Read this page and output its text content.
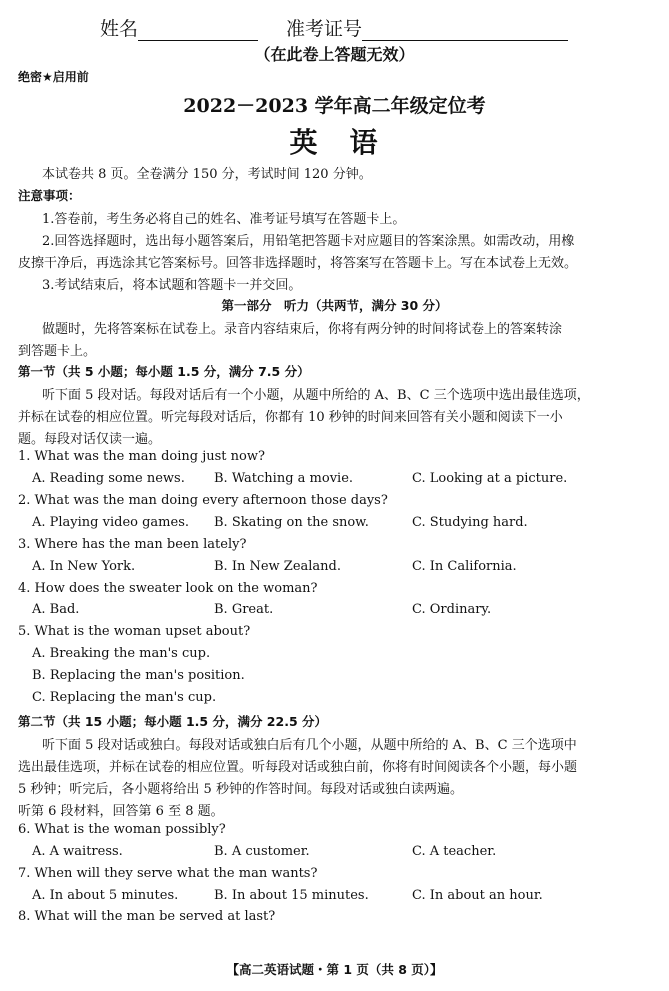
姓名	准考证号
（在此卷上答题无效）
绝密★启用前
2022－2023 学年高二年级定位考
英　语
本试卷共 8 页。全卷满分 150 分，考试时间 120 分钟。
注意事项：
1.答卷前，考生务必将自己的姓名、准考证号填写在答题卡上。
2.回答选择题时，选出每小题答案后，用铅笔把答题卡对应题目的答案涂黑。如需改动，用橡
皮擦干净后，再选涂其它答案标号。回答非选择题时，将答案写在答题卡上。写在本试卷上无效。
3.考试结束后，将本试题和答题卡一并交回。
第一部分　听力（共两节，满分 30 分）
做题时，先将答案标在试卷上。录音内容结束后，你将有两分钟的时间将试卷上的答案转涂
到答题卡上。
第一节（共 5 小题；每小题 1.5 分，满分 7.5 分）
听下面 5 段对话。每段对话后有一个小题，从题中所给的 A、B、C 三个选项中选出最佳选项，
并标在试卷的相应位置。听完每段对话后，你都有 10 秒钟的时间来回答有关小题和阅读下一小
题。每段对话仅读一遍。
1. What was the man doing just now?
A. Reading some news. B. Watching a movie.	C. Looking at a picture.
2. What was the man doing every afternoon those days?
A. Playing video games. B. Skating on the snow.	C. Studying hard.
3. Where has the man been lately?
A. In New York.	B. In New Zealand.	C. In California.
4. How does the sweater look on the woman?
A. Bad.	B. Great.	C. Ordinary.
5. What is the woman upset about?
A. Breaking the man's cup.
B. Replacing the man's position.
C. Replacing the man's cup.
第二节（共 15 小题；每小题 1.5 分，满分 22.5 分）
听下面 5 段对话或独白。每段对话或独白后有几个小题，从题中所给的 A、B、C 三个选项中
选出最佳选项，并标在试卷的相应位置。听每段对话或独白前，你将有时间阅读各个小题，每小题
5 秒钟；听完后，各小题将给出 5 秒钟的作答时间。每段对话或独白读两遍。
听第 6 段材料，回答第 6 至 8 题。
6. What is the woman possibly?
A. A waitress.	B. A customer.	C. A teacher.
7. When will they serve what the man wants?
A. In about 5 minutes.	B. In about 15 minutes.	C. In about an hour.
8. What will the man be served at last?
【高二英语试题・第 1 页（共 8 页）】
